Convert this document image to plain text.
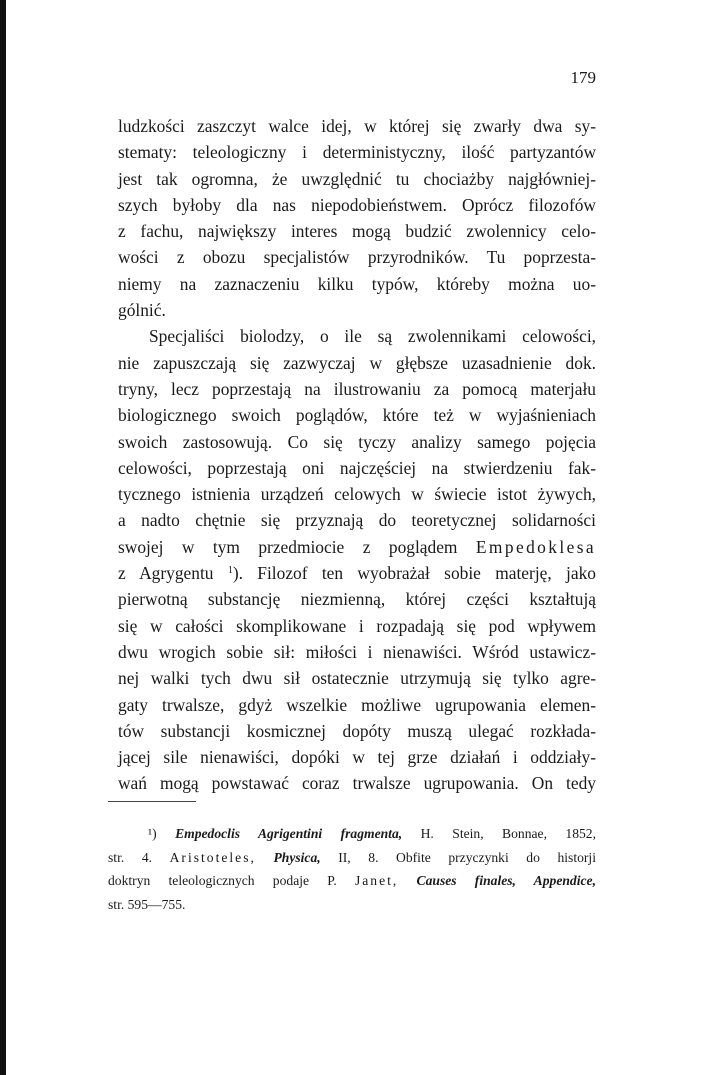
179
ludzkości zaszczyt walce idej, w której się zwarły dwa sy-
stematy: teleologiczny i deterministyczny, ilość partyzantów
jest tak ogromna, że uwzględnić tu chociażby najgłówniej-
szych byłoby dla nas niepodobieństwem. Oprócz filozofów
z fachu, największy interes mogą budzić zwolennicy celo-
wości z obozu specjalistów przyrodników. Tu poprzesta-
niemy na zaznaczeniu kilku typów, któreby można uo-
gólnić.
Specjaliści biolodzy, o ile są zwolennikami celowości,
nie zapuszczają się zazwyczaj w głębsze uzasadnienie dok.
tryny, lecz poprzestają na ilustrowaniu za pomocą materjału
biologicznego swoich poglądów, które też w wyjaśnieniach
swoich zastosowują. Co się tyczy analizy samego pojęcia
celowości, poprzestają oni najczęściej na stwierdzeniu fak-
tycznego istnienia urządzeń celowych w świecie istot żywych,
a nadto chętnie się przyznają do teoretycznej solidarności
swojej w tym przedmiocie z poglądem Empedoklesa
z Agrygentu $^1$). Filozof ten wyobrażał sobie materję, jako
pierwotną substancję niezmienną, której części kształtują
się w całości skomplikowane i rozpadają się pod wpływem
dwu wrogich sobie sił: miłości i nienawiści. Wśród ustawicz-
nej walki tych dwu sił ostatecznie utrzymują się tylko agre-
gaty trwalsze, gdyż wszelkie możliwe ugrupowania elemen-
tów substancji kosmicznej dopóty muszą ulegać rozkłada-
jącej sile nienawiści, dopóki w tej grze działań i oddziały-
wań mogą powstawać coraz trwalsze ugrupowania. On tedy
¹) Empedoclis Agrigentini fragmenta, H. Stein, Bonnae, 1852,
str. 4. Aristoteles, Physica, II, 8. Obfite przyczynki do historji
doktryn teleologicznych podaje P. Janet, Causes finales, Appendice,
str. 595—755.
